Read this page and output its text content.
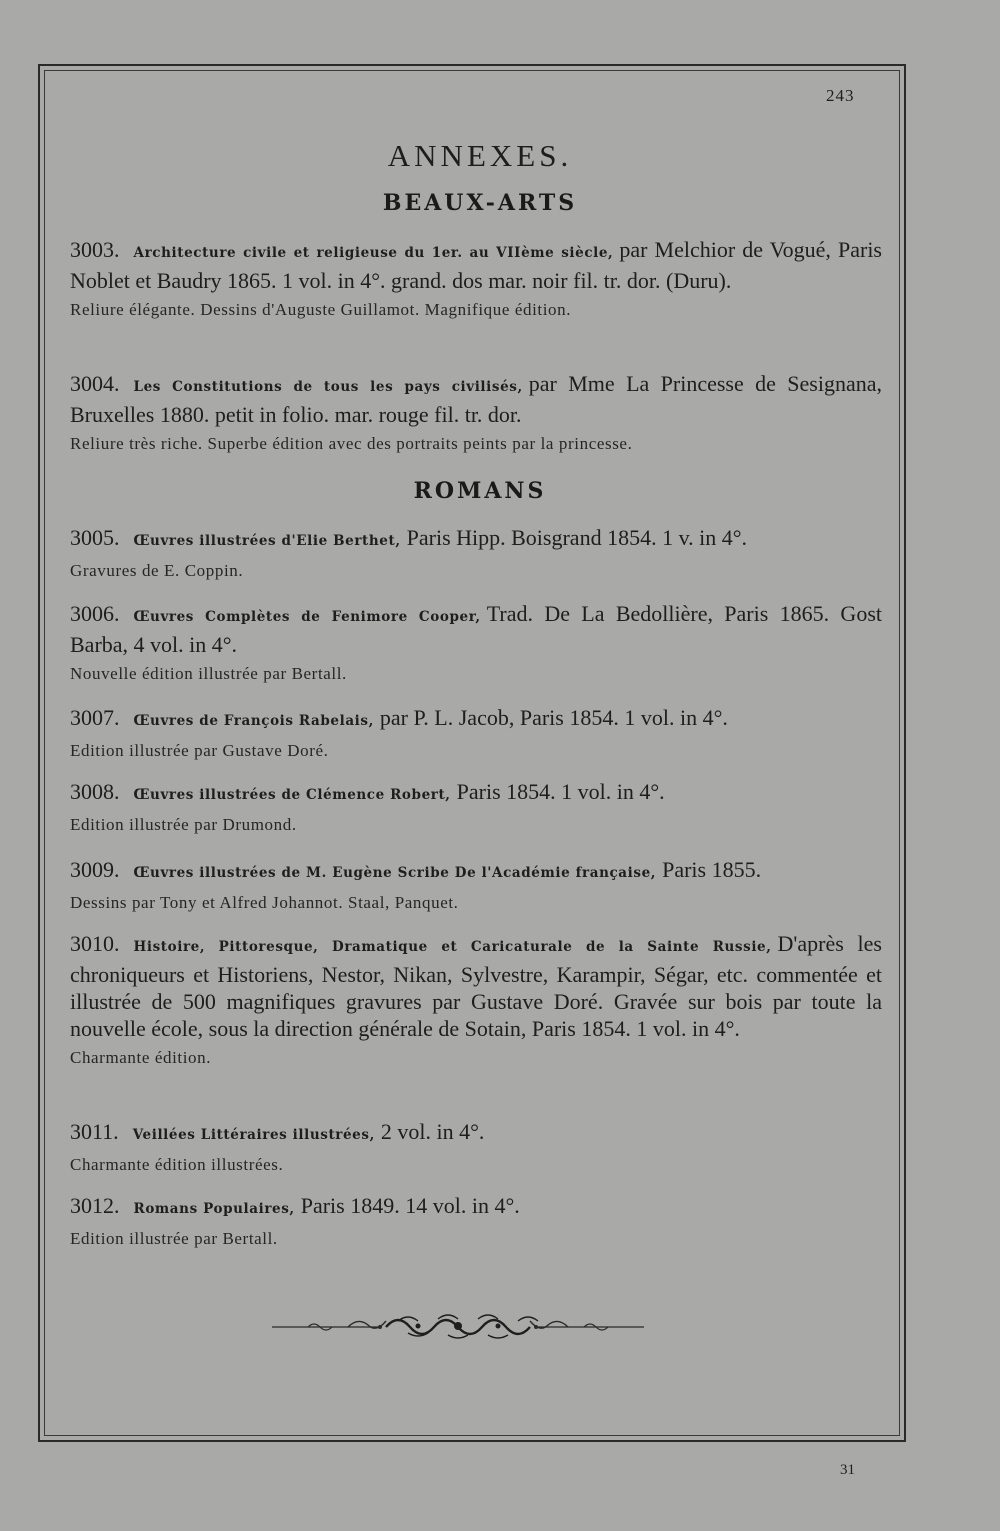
243
ANNEXES.
BEAUX-ARTS
3003. Architecture civile et religieuse du 1er. au VIIème siècle, par Melchior de Vogué, Paris Noblet et Baudry 1865. 1 vol. in 4°. grand. dos mar. noir fil. tr. dor. (Duru).
Reliure élégante. Dessins d'Auguste Guillamot. Magnifique édition.
3004. Les Constitutions de tous les pays civilisés, par Mme La Princesse de Sesignana, Bruxelles 1880. petit in folio. mar. rouge fil. tr. dor.
Reliure très riche. Superbe édition avec des portraits peints par la princesse.
ROMANS
3005. Œuvres illustrées d'Elie Berthet, Paris Hipp. Boisgrand 1854. 1 v. in 4°.
Gravures de E. Coppin.
3006. Œuvres Complètes de Fenimore Cooper, Trad. De La Bedollière, Paris 1865. Gost Barba, 4 vol. in 4°.
Nouvelle édition illustrée par Bertall.
3007. Œuvres de François Rabelais, par P. L. Jacob, Paris 1854. 1 vol. in 4°.
Edition illustrée par Gustave Doré.
3008. Œuvres illustrées de Clémence Robert, Paris 1854. 1 vol. in 4°.
Edition illustrée par Drumond.
3009. Œuvres illustrées de M. Eugène Scribe De l'Académie française, Paris 1855.
Dessins par Tony et Alfred Johannot. Staal, Panquet.
3010. Histoire, Pittoresque, Dramatique et Caricaturale de la Sainte Russie, D'après les chroniqueurs et Historiens, Nestor, Nikan, Sylvestre, Karampir, Ségar, etc. commentée et illustrée de 500 magnifiques gravures par Gustave Doré. Gravée sur bois par toute la nouvelle école, sous la direction générale de Sotain, Paris 1854. 1 vol. in 4°.
Charmante édition.
3011. Veillées Littéraires illustrées, 2 vol. in 4°.
Charmante édition illustrées.
3012. Romans Populaires, Paris 1849. 14 vol. in 4°.
Edition illustrée par Bertall.
31
